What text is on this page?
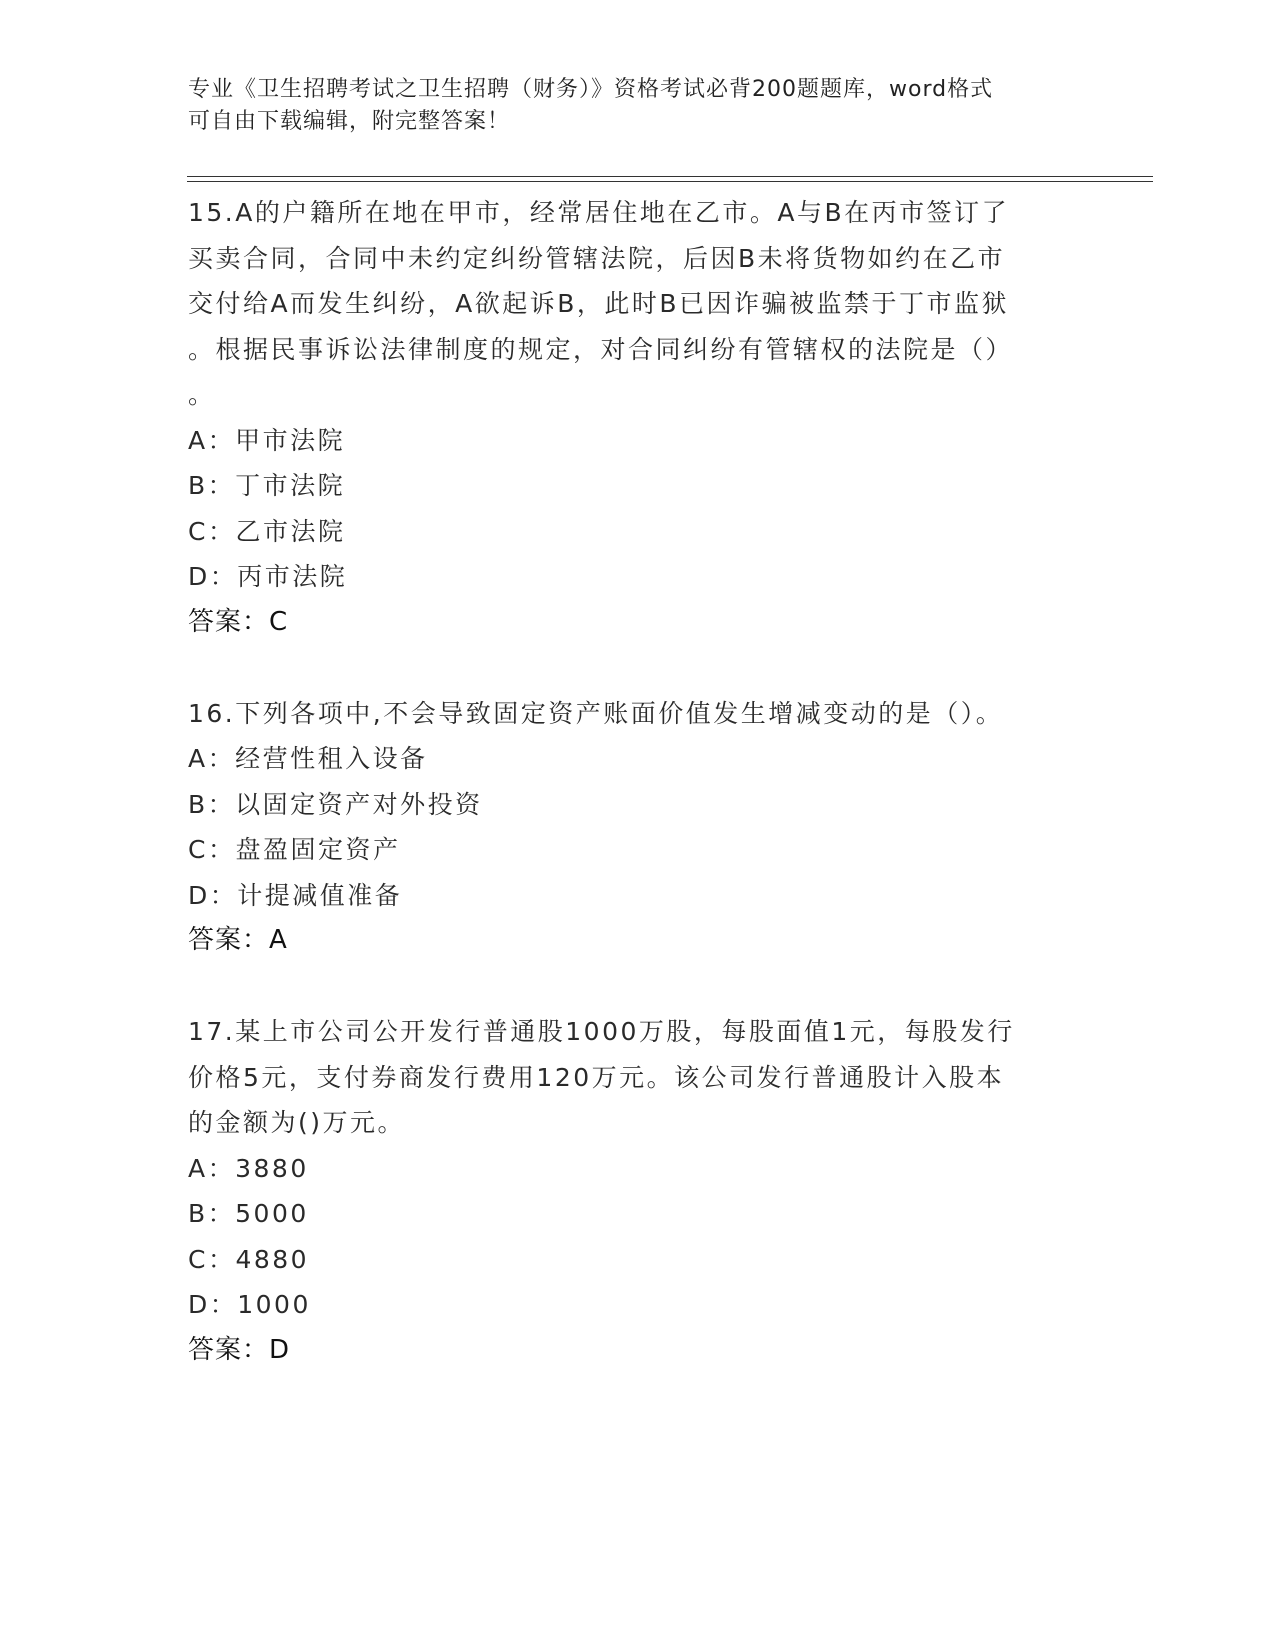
专业《卫生招聘考试之卫生招聘（财务）》资格考试必背200题题库，word格式
可自由下载编辑，附完整答案！
15.A的户籍所在地在甲市，经常居住地在乙市。A与B在丙市签订了
买卖合同，合同中未约定纠纷管辖法院，后因B未将货物如约在乙市
交付给A而发生纠纷，A欲起诉B，此时B已因诈骗被监禁于丁市监狱
。根据民事诉讼法律制度的规定，对合同纠纷有管辖权的法院是（）
。
A：甲市法院
B：丁市法院
C：乙市法院
D：丙市法院
答案：C
16.下列各项中,不会导致固定资产账面价值发生增减变动的是（）。
A：经营性租入设备
B：以固定资产对外投资
C：盘盈固定资产
D：计提减值准备
答案：A
17.某上市公司公开发行普通股1000万股，每股面值1元，每股发行
价格5元，支付券商发行费用120万元。该公司发行普通股计入股本
的金额为()万元。
A：3880
B：5000
C：4880
D：1000
答案：D
